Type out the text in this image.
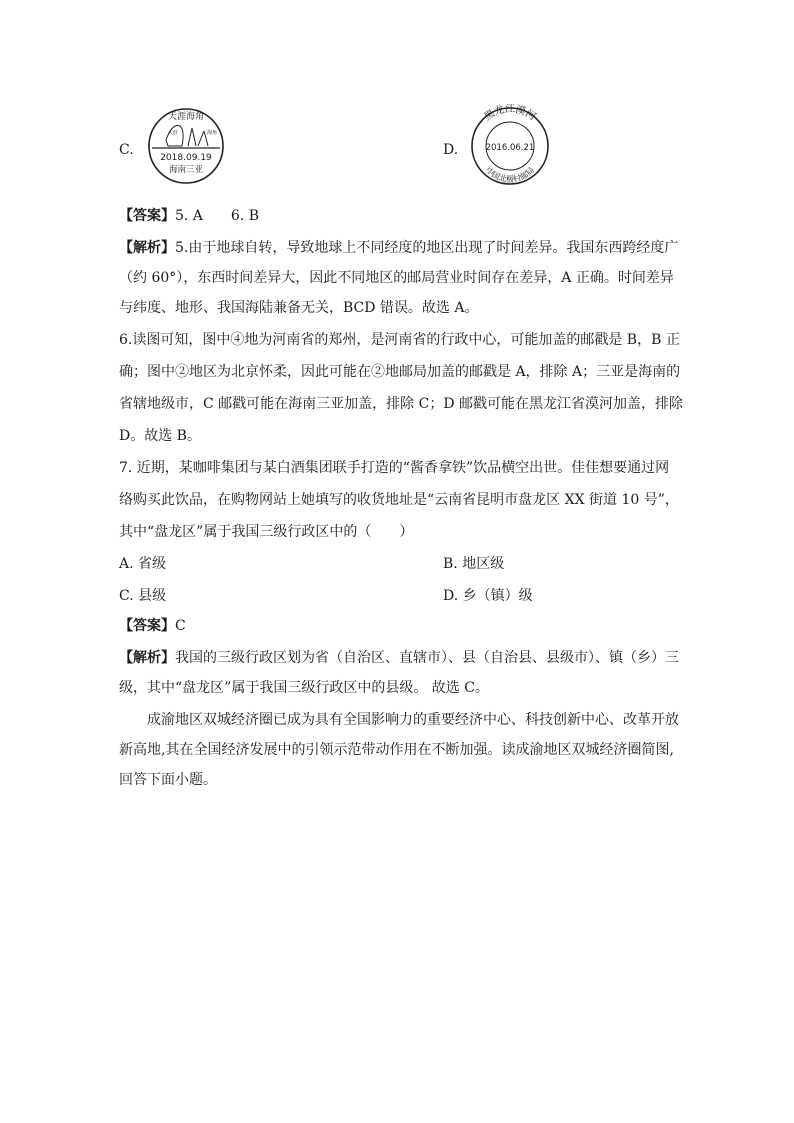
C.
天涯海角
天涯	海角
2018.09.19
海南三亚
D.
黑龙江漠河
2016.06.21
中国北极村邮局
【答案】5. A　　6. B
【解析】5.由于地球自转，导致地球上不同经度的地区出现了时间差异。我国东西跨经度广
（约 60°），东西时间差异大，因此不同地区的邮局营业时间存在差异，A 正确。时间差异
与纬度、地形、我国海陆兼备无关，BCD 错误。故选 A。
6.读图可知，图中④地为河南省的郑州，是河南省的行政中心，可能加盖的邮戳是 B，B 正
确；图中②地区为北京怀柔，因此可能在②地邮局加盖的邮戳是 A，排除 A；三亚是海南的
省辖地级市，C 邮戳可能在海南三亚加盖，排除 C；D 邮戳可能在黑龙江省漠河加盖，排除
D。故选 B。
7. 近期，某咖啡集团与某白酒集团联手打造的“酱香拿铁”饮品横空出世。佳佳想要通过网
络购买此饮品，在购物网站上她填写的收货地址是“云南省昆明市盘龙区 XX 街道 10 号”，
其中“盘龙区”属于我国三级行政区中的（　　）
A. 省级	B. 地区级
C. 县级	D. 乡（镇）级
【答案】C
【解析】我国的三级行政区划为省（自治区、直辖市）、县（自治县、县级市）、镇（乡）三
级，其中“盘龙区”属于我国三级行政区中的县级。 故选 C。
成渝地区双城经济圈已成为具有全国影响力的重要经济中心、科技创新中心、改革开放
新高地,其在全国经济发展中的引领示范带动作用在不断加强。读成渝地区双城经济圈简图,
回答下面小题。
